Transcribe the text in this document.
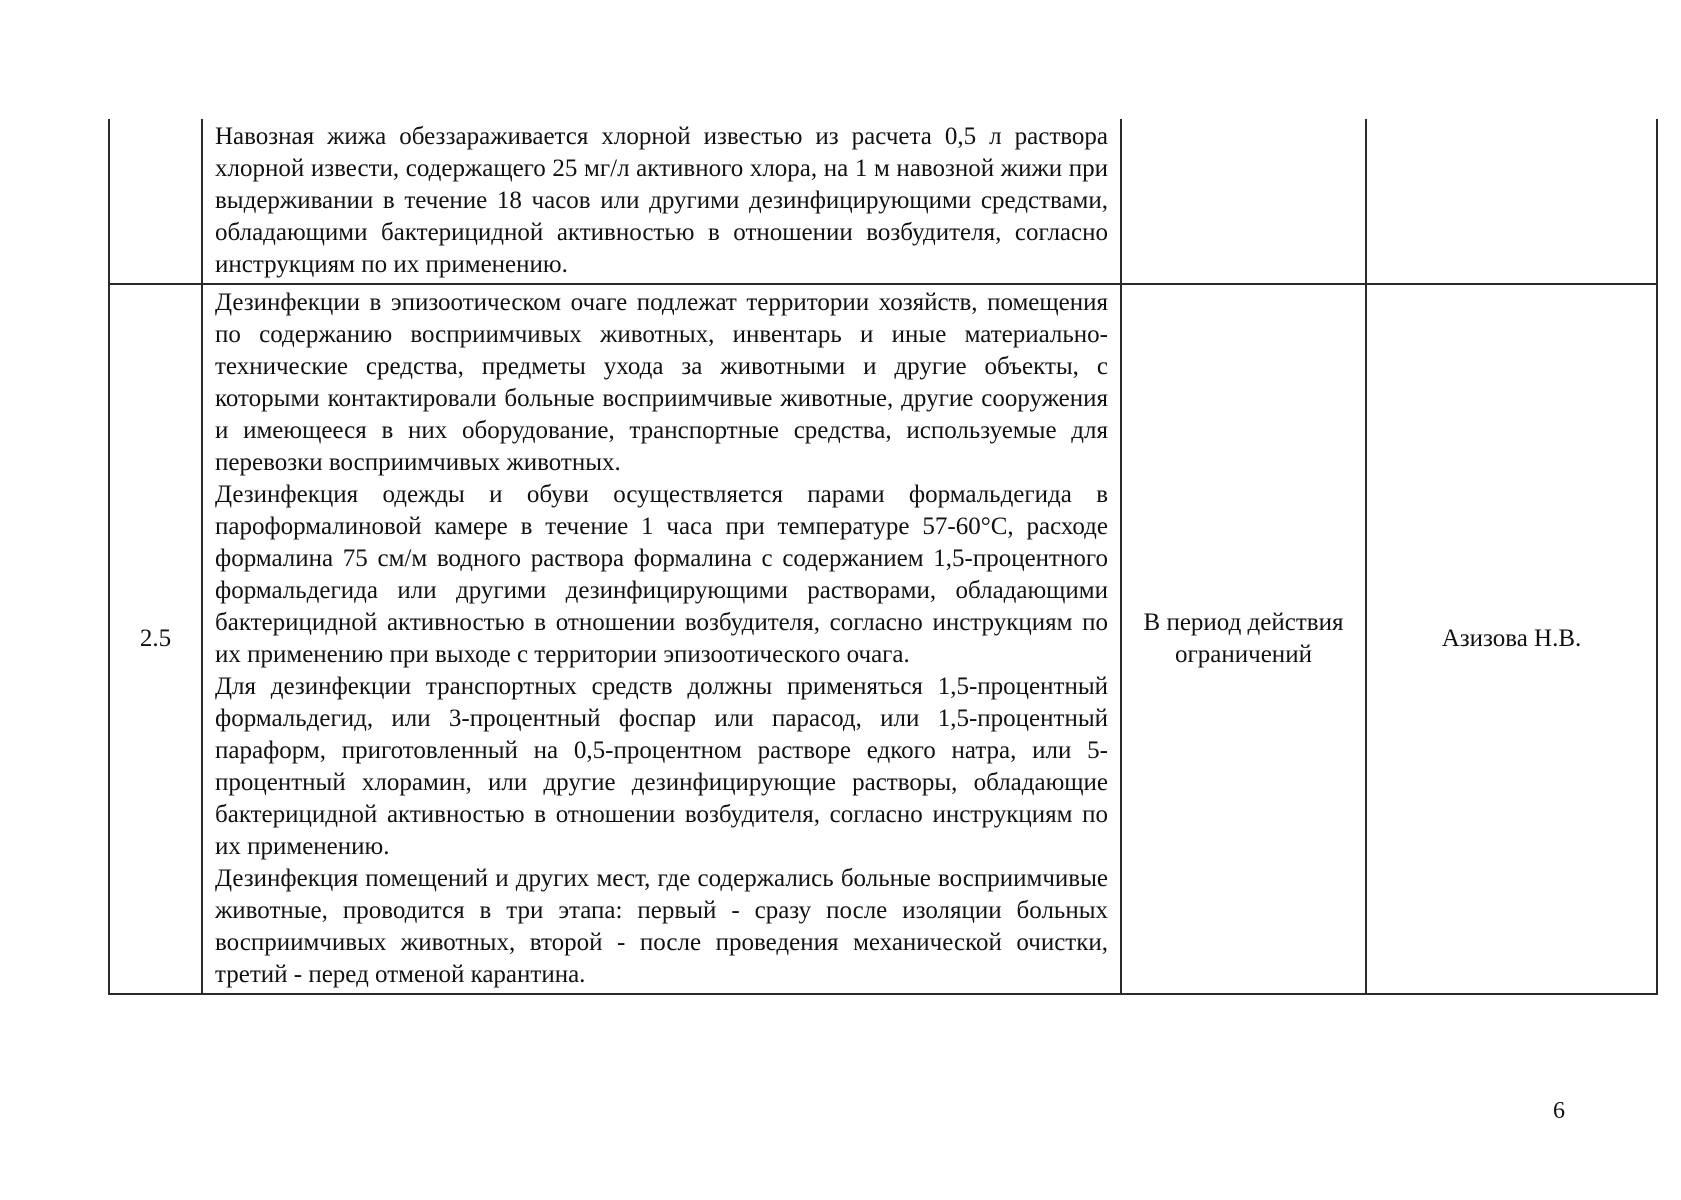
	Навозная жижа обеззараживается хлорной известью из расчета 0,5 л раствора хлорной извести, содержащего 25 мг/л активного хлора, на 1 м навозной жижи при выдерживании в течение 18 часов или другими дезинфицирующими средствами, обладающими бактерицидной активностью в отношении возбудителя, согласно инструкциям по их применению.		

2.5	Дезинфекции в эпизоотическом очаге подлежат территории хозяйств, помещения по содержанию восприимчивых животных, инвентарь и иные материально-технические средства, предметы ухода за животными и другие объекты, с которыми контактировали больные восприимчивые животные, другие сооружения и имеющееся в них оборудование, транспортные средства, используемые для перевозки восприимчивых животных.

Дезинфекция одежды и обуви осуществляется парами формальдегида в пароформалиновой камере в течение 1 часа при температуре 57-60°С, расходе формалина 75 см/м водного раствора формалина с содержанием 1,5-процентного формальдегида или другими дезинфицирующими растворами, обладающими бактерицидной активностью в отношении возбудителя, согласно инструкциям по их применению при выходе с территории эпизоотического очага.

Для дезинфекции транспортных средств должны применяться 1,5-процентный формальдегид, или 3-процентный фоспар или парасод, или 1,5-процентный параформ, приготовленный на 0,5-процентном растворе едкого натра, или 5-процентный хлорамин, или другие дезинфицирующие растворы, обладающие бактерицидной активностью в отношении возбудителя, согласно инструкциям по их применению.

Дезинфекция помещений и других мест, где содержались больные восприимчивые животные, проводится в три этапа: первый - сразу после изоляции больных восприимчивых животных, второй - после проведения механической очистки, третий - перед отменой карантина.	В период действия ограничений	Азизова Н.В.
6
